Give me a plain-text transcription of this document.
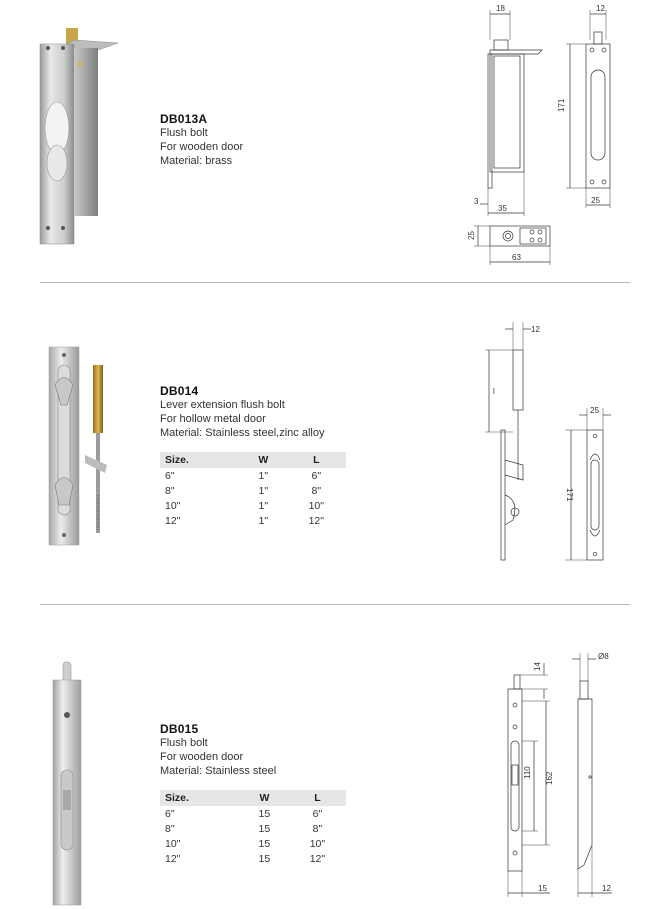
DB013A
Flush bolt
For wooden door
Material: brass
18
3
35
12
171
25
25
63
DB014
Lever extension flush bolt
For hollow metal door
Material: Stainless steel,zinc alloy
Size.	W	L
6"	1"	6"
8"	1"	8"
10"	1"	10"
12"	1"	12"
12
l
25
171
DB015
Flush bolt
For wooden door
Material: Stainless steel
Size.	W	L
6"	15	6"
8"	15	8"
10"	15	10"
12"	15	12"
14
110 162
15
Ø8
12
